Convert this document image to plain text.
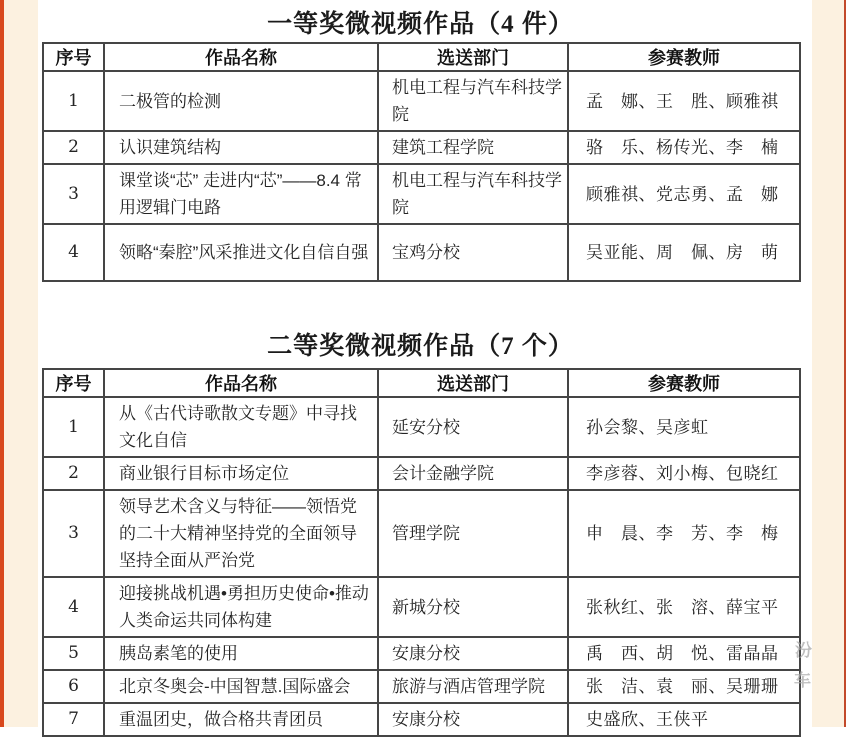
一等奖微视频作品（4 件）
序号	作品名称	选送部门	参赛教师
1	二极管的检测	机电工程与汽车科技学院	孟　娜、王　胜、顾雅祺
2	认识建筑结构	建筑工程学院	骆　乐、杨传光、李　楠
3	课堂谈“芯” 走进内“芯”——8.4 常用逻辑门电路	机电工程与汽车科技学院	顾雅祺、党志勇、孟　娜
4	领略“秦腔”风采推进文化自信自强	宝鸡分校	吴亚能、周　佩、房　萌
二等奖微视频作品（7 个）
序号	作品名称	选送部门	参赛教师
1	从《古代诗歌散文专题》中寻找文化自信	延安分校	孙会黎、吴彦虹
2	商业银行目标市场定位	会计金融学院	李彦蓉、刘小梅、包晓红
3	领导艺术含义与特征——领悟党的二十大精神坚持党的全面领导 坚持全面从严治党	管理学院	申　晨、李　芳、李　梅
4	迎接挑战机遇•勇担历史使命•推动人类命运共同体构建	新城分校	张秋红、张　溶、薛宝平
5	胰岛素笔的使用	安康分校	禹　西、胡　悦、雷晶晶
6	北京冬奥会-中国智慧.国际盛会	旅游与酒店管理学院	张　洁、袁　丽、吴珊珊
7	重温团史，做合格共青团员	安康分校	史盛欣、王侠平
汾
车
